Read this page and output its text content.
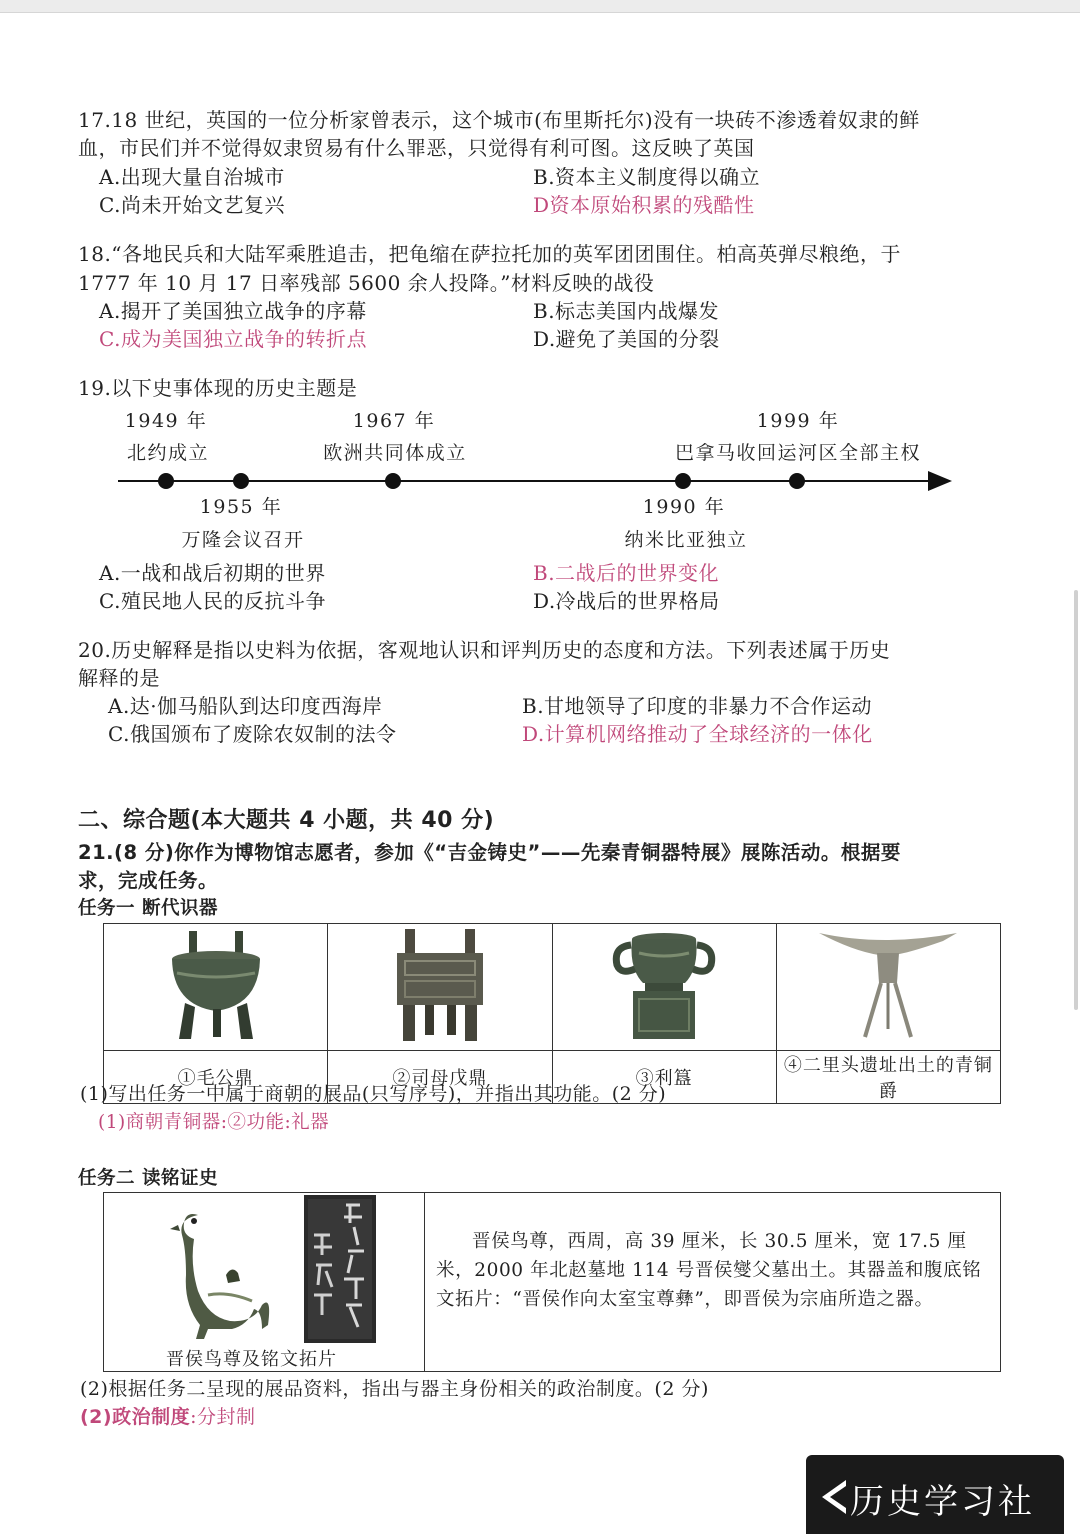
17.18 世纪，英国的一位分析家曾表示，这个城市(布里斯托尔)没有一块砖不渗透着奴隶的鲜
血，市民们并不觉得奴隶贸易有什么罪恶，只觉得有利可图。这反映了英国
A.出现大量自治城市	B.资本主义制度得以确立
C.尚未开始文艺复兴	D资本原始积累的残酷性
18.“各地民兵和大陆军乘胜追击，把龟缩在萨拉托加的英军团团围住。柏高英弹尽粮绝，于
1777 年 10 月 17 日率残部 5600 余人投降。”材料反映的战役
A.揭开了美国独立战争的序幕	B.标志美国内战爆发
C.成为美国独立战争的转折点	D.避免了美国的分裂
19.以下史事体现的历史主题是
1949 年
北约成立
1955 年
万隆会议召开
1967 年
欧洲共同体成立
1990 年
纳米比亚独立
1999 年
巴拿马收回运河区全部主权
A.一战和战后初期的世界	B.二战后的世界变化
C.殖民地人民的反抗斗争	D.冷战后的世界格局
20.历史解释是指以史料为依据，客观地认识和评判历史的态度和方法。下列表述属于历史
解释的是
A.达·伽马船队到达印度西海岸	B.甘地领导了印度的非暴力不合作运动
C.俄国颁布了废除农奴制的法令	D.计算机网络推动了全球经济的一体化
二、综合题(本大题共 4 小题，共 40 分)
21.(8 分)你作为博物馆志愿者，参加《“吉金铸史”——先秦青铜器特展》展陈活动。根据要
求，完成任务。
任务一 断代识器

①毛公鼎	②司母戊鼎	③利簋	④二里头遗址出土的青铜爵
(1)写出任务一中属于商朝的展品(只写序号)，并指出其功能。(2 分)
(1)商朝青铜器:②功能:礼器
任务二 读铭证史
晋侯鸟尊及铭文拓片
晋侯鸟尊，西周，高 39 厘米，长 30.5 厘米，宽 17.5 厘米，2000 年北赵墓地 114 号晋侯燮父墓出土。其器盖和腹底铭文拓片：“晋侯作向太室宝尊彝”，即晋侯为宗庙所造之器。
(2)根据任务二呈现的展品资料，指出与器主身份相关的政治制度。(2 分)
(2)政治制度:分封制
历史学习社
